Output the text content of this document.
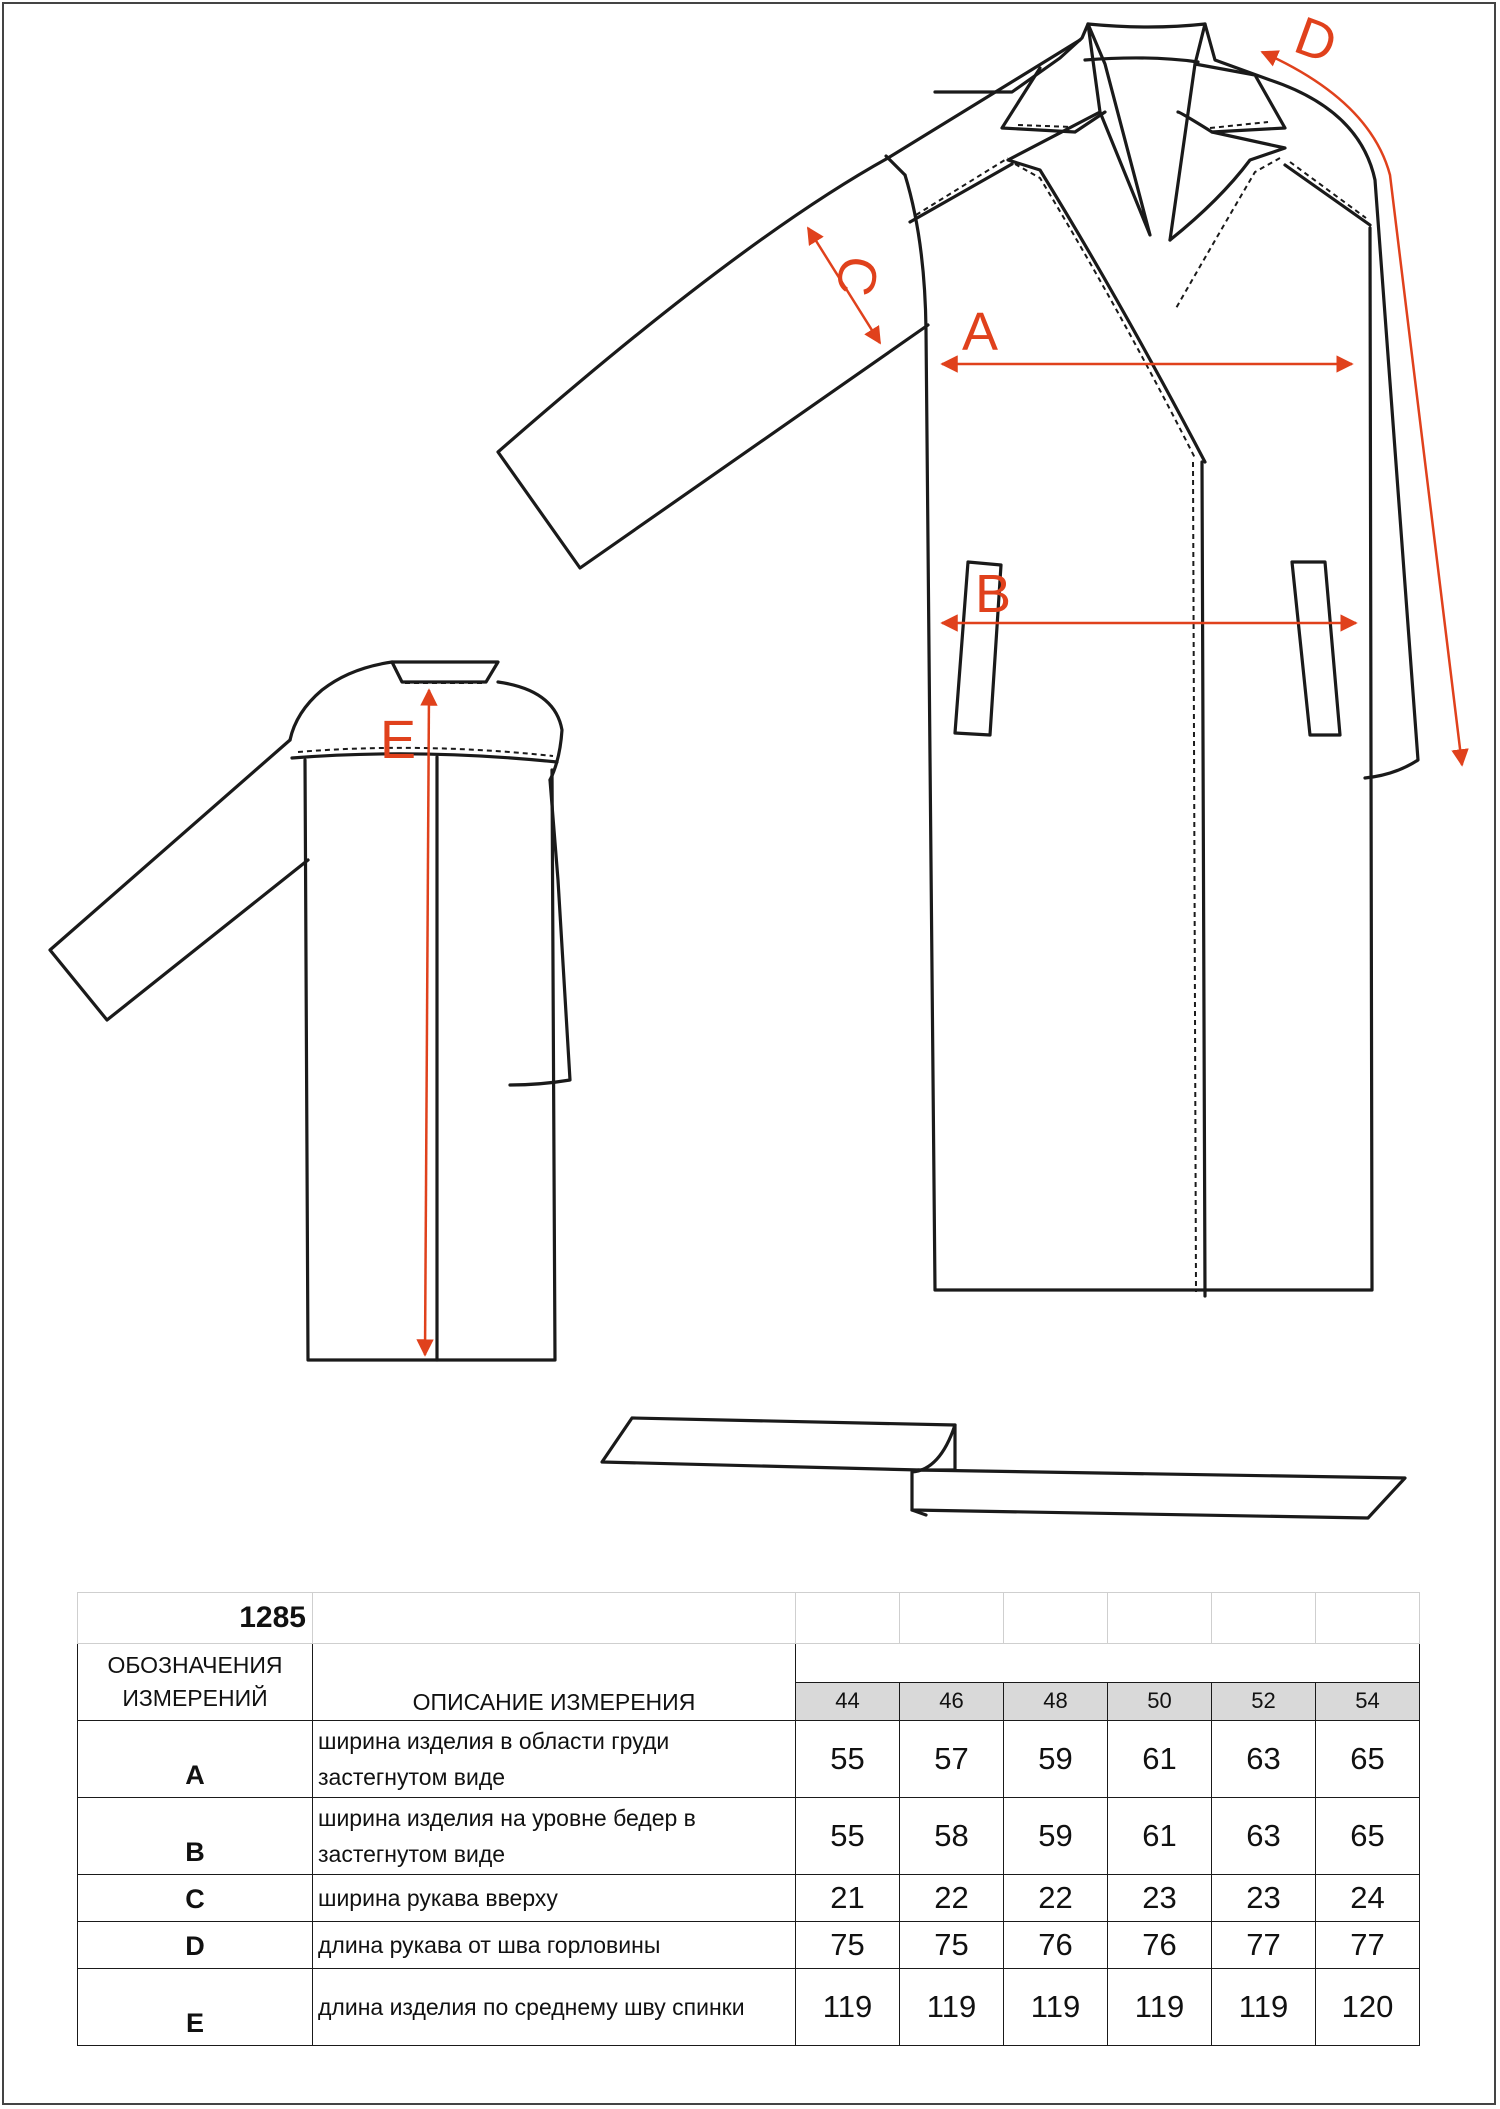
A
B
C
D
E
1285							
ОБОЗНАЧЕНИЯ ИЗМЕРЕНИЙ	ОПИСАНИЕ ИЗМЕРЕНИЯ						
		44	46	48	50	52	54
A	ширина изделия в области груди застегнутом виде	55	57	59	61	63	65
B	ширина изделия на уровне бедер в застегнутом виде	55	58	59	61	63	65
C	ширина рукава вверху	21	22	22	23	23	24
D	длина рукава от шва горловины	75	75	76	76	77	77
E	длина изделия по среднему шву спинки	119	119	119	119	119	120
